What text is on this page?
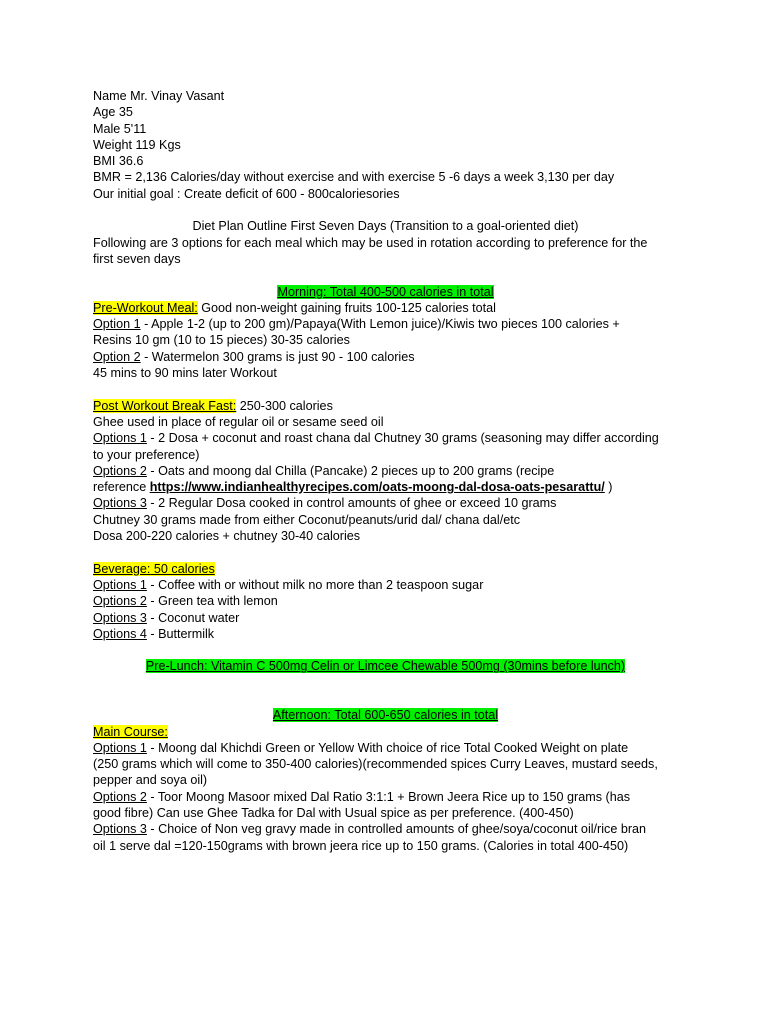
Name Mr. Vinay Vasant
Age 35
Male 5'11
Weight 119 Kgs
BMI 36.6
BMR = 2,136 Calories/day without exercise and with exercise 5 -6 days a week 3,130 per day
Our initial goal : Create deficit of 600 - 800caloriesories
Diet Plan Outline First Seven Days (Transition to a goal-oriented diet)
Following are 3 options for each meal which may be used in rotation according to preference for the
first seven days
Morning: Total 400-500 calories in total
Pre-Workout Meal: Good non-weight gaining fruits 100-125 calories total
Option 1 - Apple 1-2 (up to 200 gm)/Papaya(With Lemon juice)/Kiwis two pieces 100 calories +
Resins 10 gm (10 to 15 pieces) 30-35 calories
Option 2 - Watermelon 300 grams is just 90 - 100 calories
45 mins to 90 mins later Workout
Post Workout Break Fast: 250-300 calories
Ghee used in place of regular oil or sesame seed oil
Options 1 - 2 Dosa + coconut and roast chana dal Chutney 30 grams (seasoning may differ according
to your preference)
Options 2 - Oats and moong dal Chilla (Pancake) 2 pieces up to 200 grams (recipe
reference https://www.indianhealthyrecipes.com/oats-moong-dal-dosa-oats-pesarattu/ )
Options 3 - 2 Regular Dosa cooked in control amounts of ghee or exceed 10 grams
Chutney 30 grams made from either Coconut/peanuts/urid dal/ chana dal/etc
Dosa 200-220 calories + chutney 30-40 calories
Beverage: 50 calories
Options 1 - Coffee with or without milk no more than 2 teaspoon sugar
Options 2 - Green tea with lemon
Options 3 - Coconut water
Options 4 - Buttermilk
Pre-Lunch: Vitamin C 500mg Celin or Limcee Chewable 500mg (30mins before lunch)
Afternoon: Total 600-650 calories in total
Main Course:
Options 1 - Moong dal Khichdi Green or Yellow With choice of rice Total Cooked Weight on plate
(250 grams which will come to 350-400 calories)(recommended spices Curry Leaves, mustard seeds,
pepper and soya oil)
Options 2 - Toor Moong Masoor mixed Dal Ratio 3:1:1 + Brown Jeera Rice up to 150 grams (has
good fibre) Can use Ghee Tadka for Dal with Usual spice as per preference. (400-450)
Options 3 - Choice of Non veg gravy made in controlled amounts of ghee/soya/coconut oil/rice bran
oil 1 serve dal =120-150grams with brown jeera rice up to 150 grams. (Calories in total 400-450)
